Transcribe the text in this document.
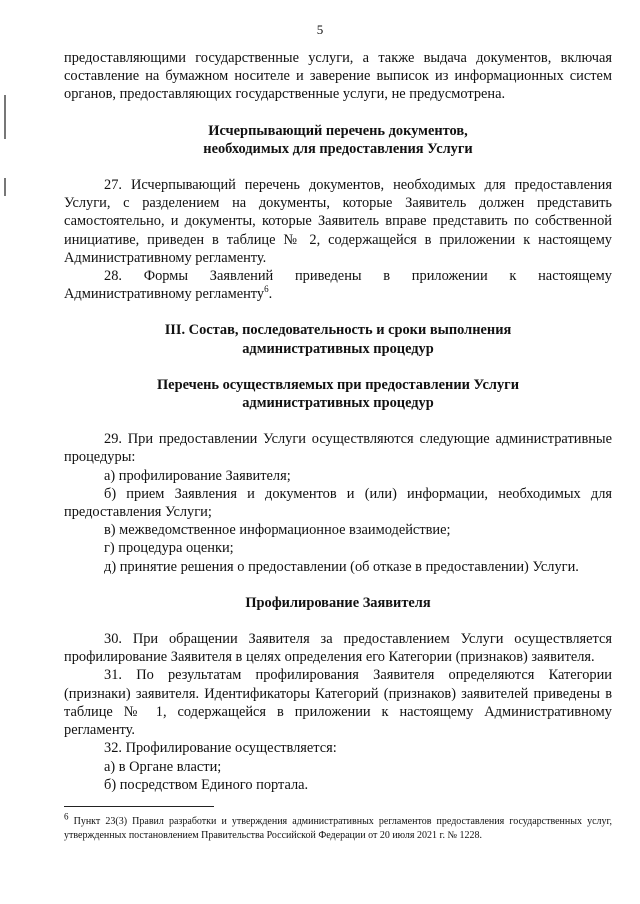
5

предоставляющими государственные услуги, а также выдача документов, включая составление на бумажном носителе и заверение выписок из информационных систем органов, предоставляющих государственные услуги, не предусмотрена.

Исчерпывающий перечень документов,
необходимых для предоставления Услуги

27. Исчерпывающий перечень документов, необходимых для предоставления Услуги, с разделением на документы, которые Заявитель должен представить самостоятельно, и документы, которые Заявитель вправе представить по собственной инициативе, приведен в таблице № 2, содержащейся в приложении к настоящему Административному регламенту.

28. Формы Заявлений приведены в приложении к настоящему Административному регламенту$^6$.

III. Состав, последовательность и сроки выполнения
административных процедур

Перечень осуществляемых при предоставлении Услуги
административных процедур

29. При предоставлении Услуги осуществляются следующие административные процедуры:

а) профилирование Заявителя;

б) прием Заявления и документов и (или) информации, необходимых для предоставления Услуги;

в) межведомственное информационное взаимодействие;

г) процедура оценки;

д) принятие решения о предоставлении (об отказе в предоставлении) Услуги.

Профилирование Заявителя

30. При обращении Заявителя за предоставлением Услуги осуществляется профилирование Заявителя в целях определения его Категории (признаков) заявителя.

31. По результатам профилирования Заявителя определяются Категории (признаки) заявителя. Идентификаторы Категорий (признаков) заявителей приведены в таблице № 1, содержащейся в приложении к настоящему Административному регламенту.

32. Профилирование осуществляется:

а) в Органе власти;

б) посредством Единого портала.

$^6$ Пункт 23(3) Правил разработки и утверждения административных регламентов предоставления государственных услуг, утвержденных постановлением Правительства Российской Федерации от 20 июля 2021 г. № 1228.
